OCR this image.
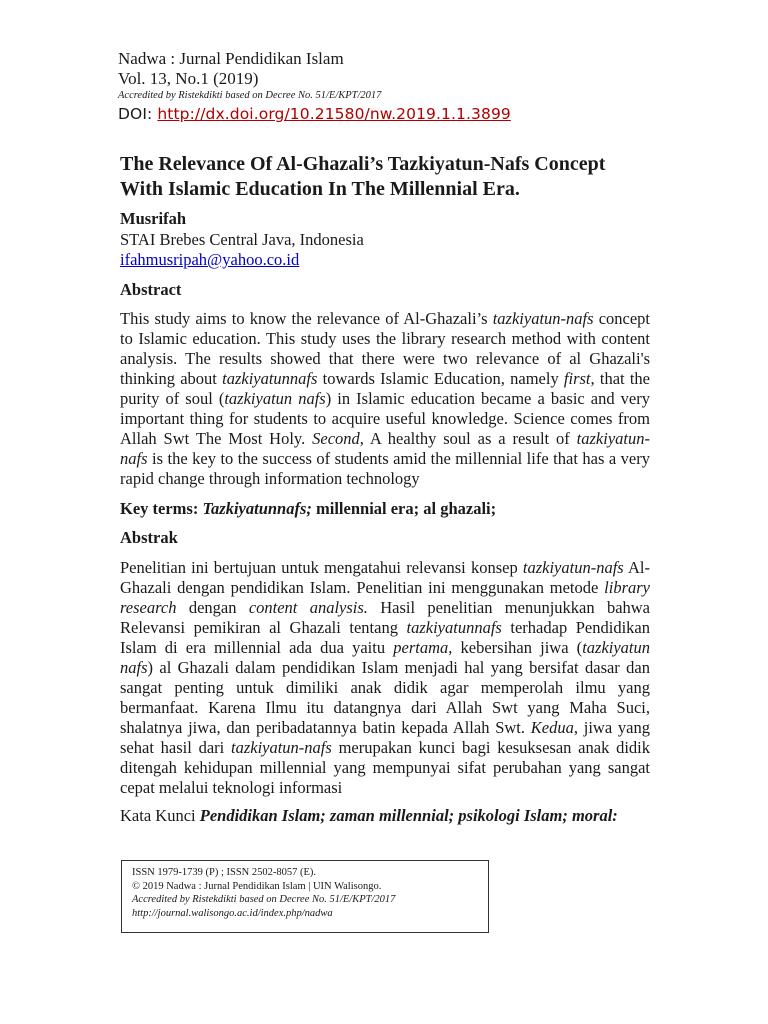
Nadwa : Jurnal Pendidikan Islam
Vol. 13, No.1 (2019)
Accredited by Ristekdikti based on Decree No. 51/E/KPT/2017
DOI: http://dx.doi.org/10.21580/nw.2019.1.1.3899
The Relevance Of Al-Ghazali’s Tazkiyatun-Nafs Concept
With Islamic Education In The Millennial Era.
Musrifah
STAI Brebes Central Java, Indonesia
ifahmusripah@yahoo.co.id
Abstract
This study aims to know the relevance of Al-Ghazali’s tazkiyatun-nafs concept
to Islamic education. This study uses the library research method with content
analysis. The results showed that there were two relevance of al Ghazali's
thinking about tazkiyatunnafs towards Islamic Education, namely first, that the
purity of soul (tazkiyatun nafs) in Islamic education became a basic and very
important thing for students to acquire useful knowledge. Science comes from
Allah Swt The Most Holy. Second, A healthy soul as a result of tazkiyatun-
nafs is the key to the success of students amid the millennial life that has a very
rapid change through information technology
Key terms: Tazkiyatunnafs; millennial era; al ghazali;
Abstrak
Penelitian ini bertujuan untuk mengatahui relevansi konsep tazkiyatun-nafs Al-
Ghazali dengan pendidikan Islam. Penelitian ini menggunakan metode library
research dengan content analysis. Hasil penelitian menunjukkan bahwa
Relevansi pemikiran al Ghazali tentang tazkiyatunnafs terhadap Pendidikan
Islam di era millennial ada dua yaitu pertama, kebersihan jiwa (tazkiyatun
nafs) al Ghazali dalam pendidikan Islam menjadi hal yang bersifat dasar dan
sangat penting untuk dimiliki anak didik agar memperolah ilmu yang
bermanfaat. Karena Ilmu itu datangnya dari Allah Swt yang Maha Suci,
shalatnya jiwa, dan peribadatannya batin kepada Allah Swt. Kedua, jiwa yang
sehat hasil dari tazkiyatun-nafs merupakan kunci bagi kesuksesan anak didik
ditengah kehidupan millennial yang mempunyai sifat perubahan yang sangat
cepat melalui teknologi informasi
Kata Kunci Pendidikan Islam; zaman millennial; psikologi Islam; moral:
ISSN 1979-1739 (P) ; ISSN 2502-8057 (E).
© 2019 Nadwa : Jurnal Pendidikan Islam | UIN Walisongo.
Accredited by Ristekdikti based on Decree No. 51/E/KPT/2017
http://journal.walisongo.ac.id/index.php/nadwa
